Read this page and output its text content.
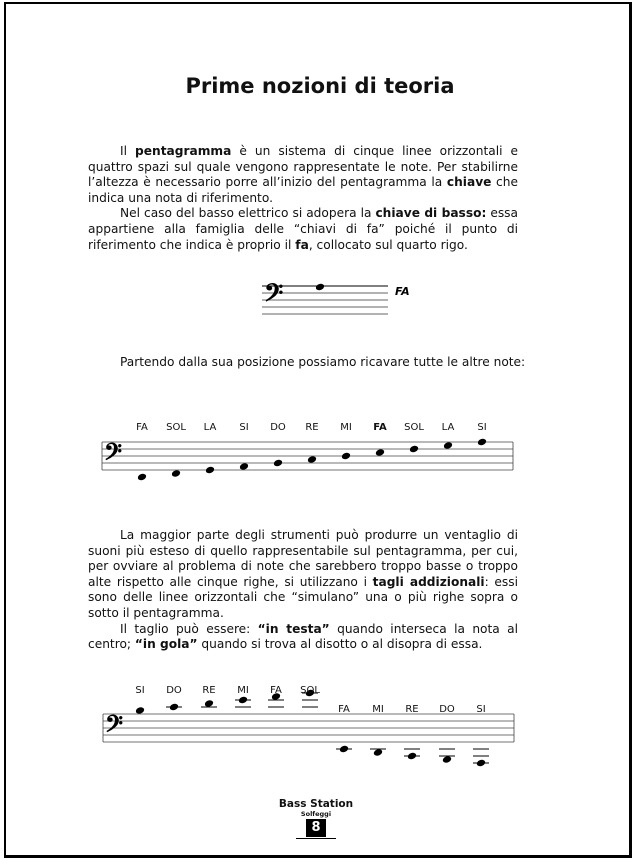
Prime nozioni di teoria

Il pentagramma è un sistema di cinque linee orizzontali e quattro spazi sul quale vengono rappresentate le note. Per stabilirne l’altezza è necessario porre all’inizio del pentagramma la chiave che indica una nota di riferimento.

Nel caso del basso elettrico si adopera la chiave di basso: essa appartiene alla famiglia delle “chiavi di fa” poiché il punto di riferimento che indica è proprio il fa, collocato sul quarto rigo.

𝄢	FA
Partendo dalla sua posizione possiamo ricavare tutte le altre note:
𝄢
FA SOL LA SI DO RE MI FA SOL LA SI

La maggior parte degli strumenti può produrre un ventaglio di suoni più esteso di quello rappresentabile sul pentagramma, per cui, per ovviare al problema di note che sarebbero troppo basse o troppo alte rispetto alle cinque righe, si utilizzano i tagli addizionali: essi sono delle linee orizzontali che “simulano” una o più righe sopra o sotto il pentagramma.

Il taglio può essere: “in testa” quando interseca la nota al centro; “in gola” quando si trova al disotto o al disopra di essa.

𝄢
SI DO RE MI FA SOL
FA MI RE DO SI
Bass Station
Solfeggi
8
